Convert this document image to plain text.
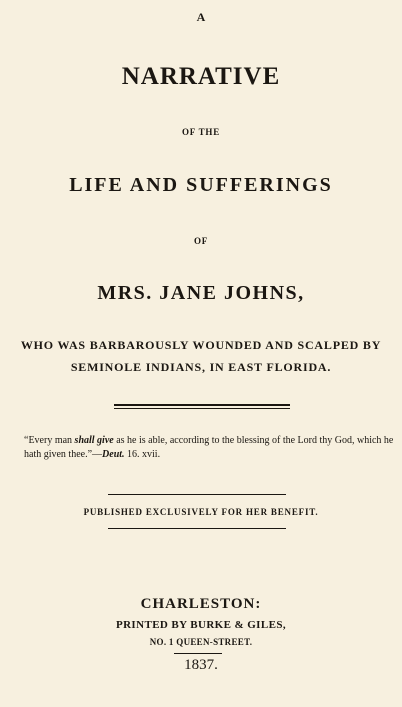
A
NARRATIVE
OF THE
LIFE AND SUFFERINGS
OF
MRS. JANE JOHNS,
WHO WAS BARBAROUSLY WOUNDED AND SCALPED BY
SEMINOLE INDIANS, IN EAST FLORIDA.
“Every man shall give as he is able, according to the blessing of the Lord thy God, which he
hath given thee.”—Deut. 16. xvii.
PUBLISHED EXCLUSIVELY FOR HER BENEFIT.
CHARLESTON:
PRINTED BY BURKE & GILES,
NO. 1 QUEEN-STREET.
1837.
